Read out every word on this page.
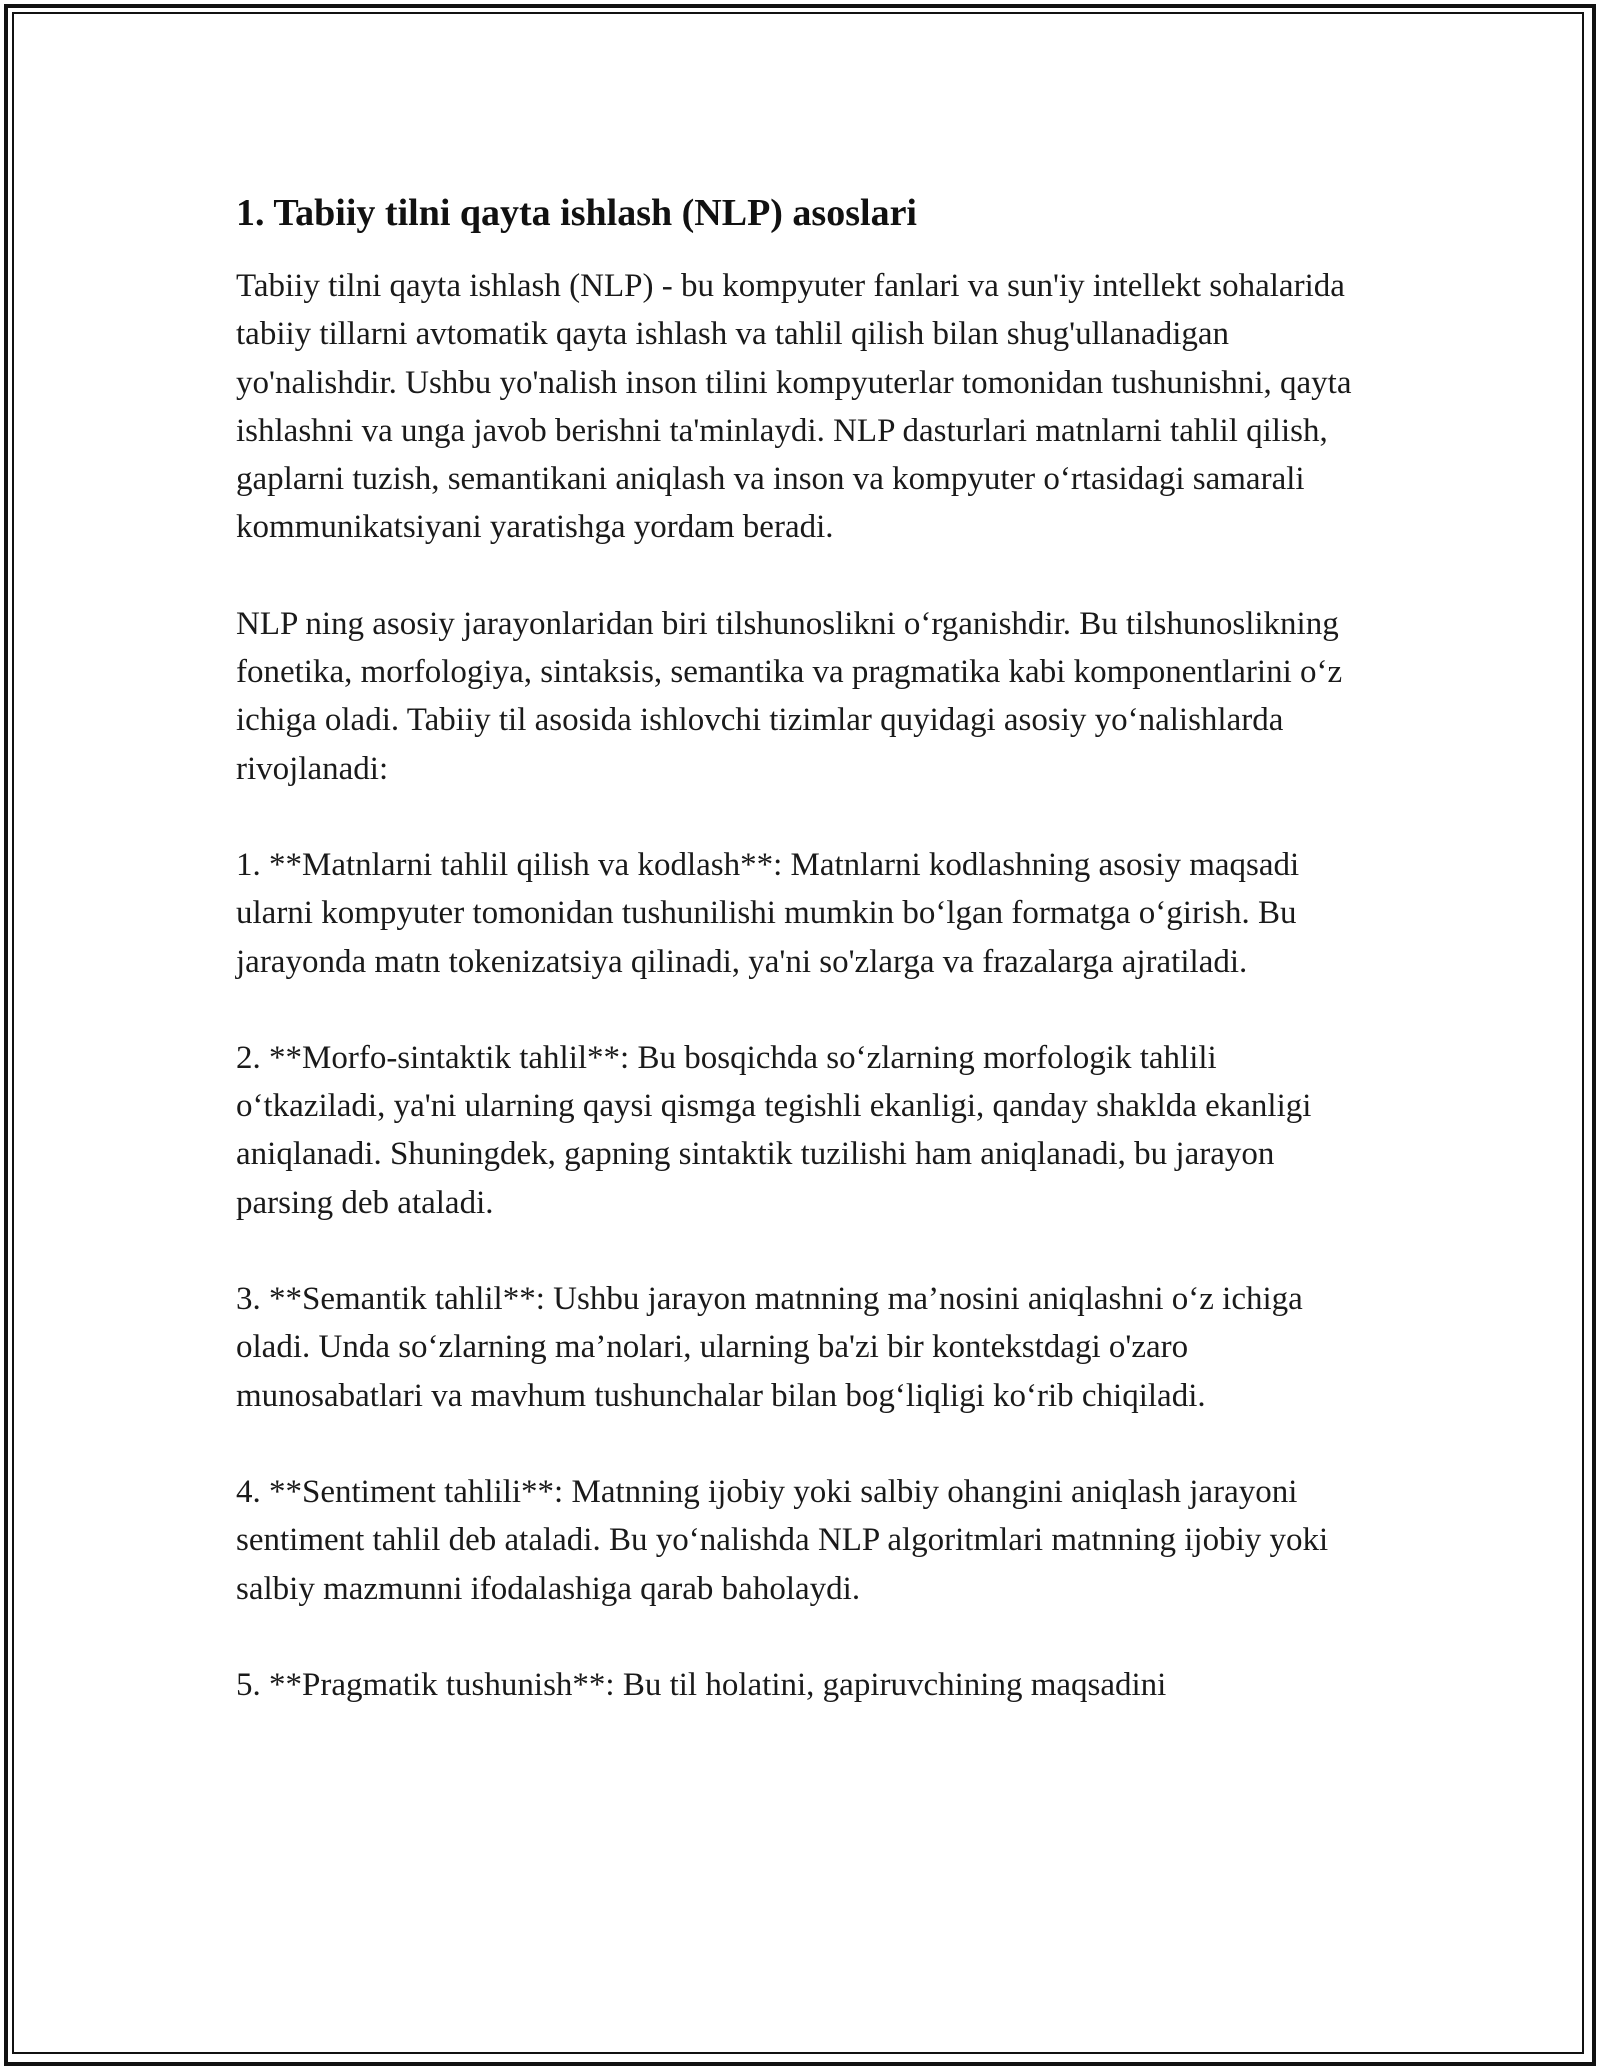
1. Tabiiy tilni qayta ishlash (NLP) asoslari

Tabiiy tilni qayta ishlash (NLP) - bu kompyuter fanlari va sun'iy intellekt sohalarida tabiiy tillarni avtomatik qayta ishlash va tahlil qilish bilan shug'ullanadigan yo'nalishdir. Ushbu yo'nalish inson tilini kompyuterlar tomonidan tushunishni, qayta ishlashni va unga javob berishni ta'minlaydi. NLP dasturlari matnlarni tahlil qilish, gaplarni tuzish, semantikani aniqlash va inson va kompyuter o‘rtasidagi samarali kommunikatsiyani yaratishga yordam beradi.

NLP ning asosiy jarayonlaridan biri tilshunoslikni o‘rganishdir. Bu tilshunoslikning fonetika, morfologiya, sintaksis, semantika va pragmatika kabi komponentlarini o‘z ichiga oladi. Tabiiy til asosida ishlovchi tizimlar quyidagi asosiy yo‘nalishlarda rivojlanadi:

1. **Matnlarni tahlil qilish va kodlash**: Matnlarni kodlashning asosiy maqsadi ularni kompyuter tomonidan tushunilishi mumkin bo‘lgan formatga o‘girish. Bu jarayonda matn tokenizatsiya qilinadi, ya'ni so'zlarga va frazalarga ajratiladi.

2. **Morfo-sintaktik tahlil**: Bu bosqichda so‘zlarning morfologik tahlili o‘tkaziladi, ya'ni ularning qaysi qismga tegishli ekanligi, qanday shaklda ekanligi aniqlanadi. Shuningdek, gapning sintaktik tuzilishi ham aniqlanadi, bu jarayon parsing deb ataladi.

3. **Semantik tahlil**: Ushbu jarayon matnning ma’nosini aniqlashni o‘z ichiga oladi. Unda so‘zlarning ma’nolari, ularning ba'zi bir kontekstdagi o'zaro munosabatlari va mavhum tushunchalar bilan bog‘liqligi ko‘rib chiqiladi.

4. **Sentiment tahlili**: Matnning ijobiy yoki salbiy ohangini aniqlash jarayoni sentiment tahlil deb ataladi. Bu yo‘nalishda NLP algoritmlari matnning ijobiy yoki salbiy mazmunni ifodalashiga qarab baholaydi.

5. **Pragmatik tushunish**: Bu til holatini, gapiruvchining maqsadini
